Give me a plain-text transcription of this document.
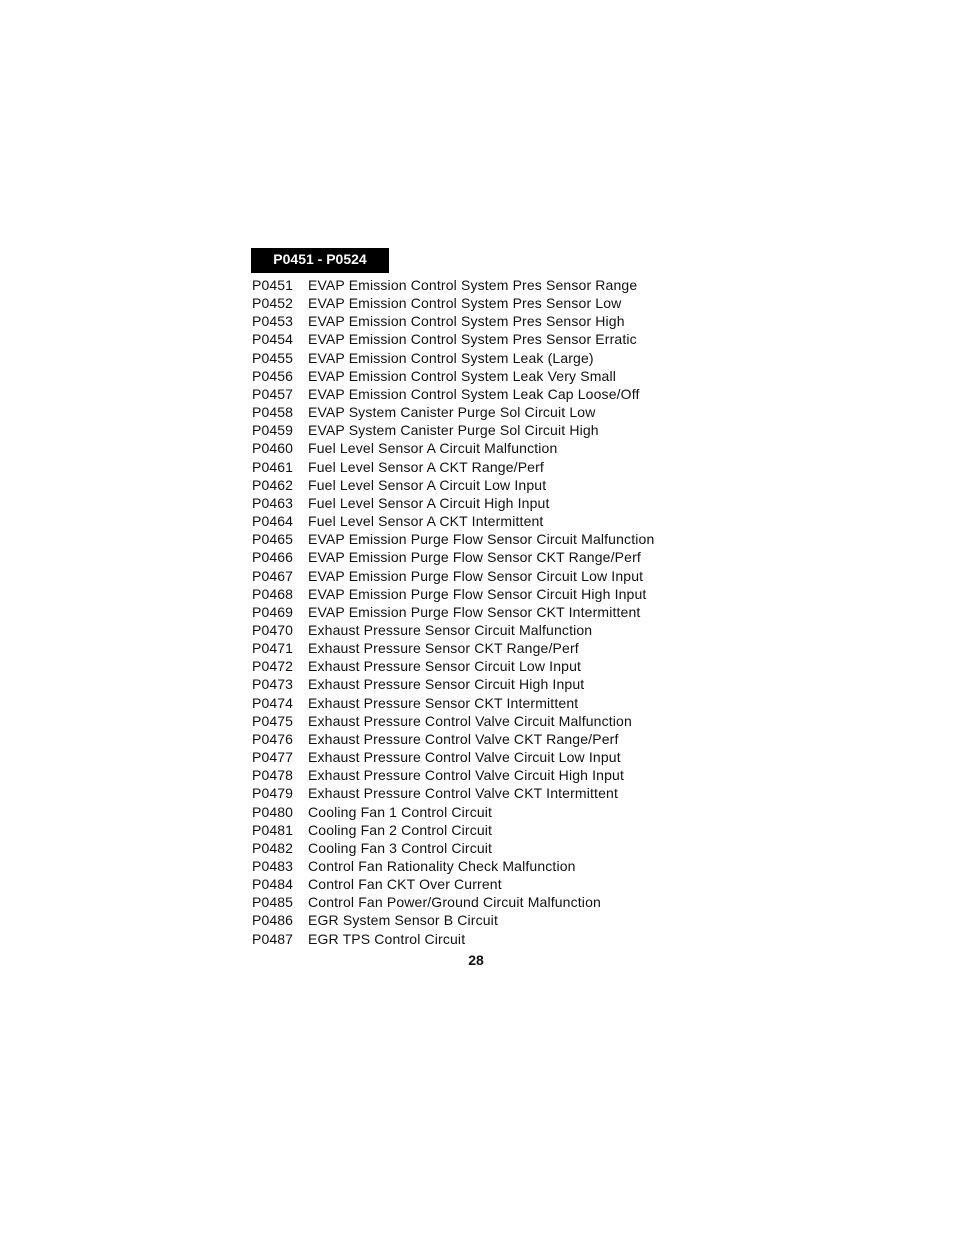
P0451 - P0524
P0451	EVAP Emission Control System Pres Sensor Range
P0452	EVAP Emission Control System Pres Sensor Low
P0453	EVAP Emission Control System Pres Sensor High
P0454	EVAP Emission Control System Pres Sensor Erratic
P0455	EVAP Emission Control System Leak (Large)
P0456	EVAP Emission Control System Leak Very Small
P0457	EVAP Emission Control System Leak Cap Loose/Off
P0458	EVAP System Canister Purge Sol Circuit Low
P0459	EVAP System Canister Purge Sol Circuit High
P0460	Fuel Level Sensor A Circuit Malfunction
P0461	Fuel Level Sensor A CKT Range/Perf
P0462	Fuel Level Sensor A Circuit Low Input
P0463	Fuel Level Sensor A Circuit High Input
P0464	Fuel Level Sensor A CKT Intermittent
P0465	EVAP Emission Purge Flow Sensor Circuit Malfunction
P0466	EVAP Emission Purge Flow Sensor CKT Range/Perf
P0467	EVAP Emission Purge Flow Sensor Circuit Low Input
P0468	EVAP Emission Purge Flow Sensor Circuit High Input
P0469	EVAP Emission Purge Flow Sensor CKT Intermittent
P0470	Exhaust Pressure Sensor Circuit Malfunction
P0471	Exhaust Pressure Sensor CKT Range/Perf
P0472	Exhaust Pressure Sensor Circuit Low Input
P0473	Exhaust Pressure Sensor Circuit High Input
P0474	Exhaust Pressure Sensor CKT Intermittent
P0475	Exhaust Pressure Control Valve Circuit Malfunction
P0476	Exhaust Pressure Control Valve CKT Range/Perf
P0477	Exhaust Pressure Control Valve Circuit Low Input
P0478	Exhaust Pressure Control Valve Circuit High Input
P0479	Exhaust Pressure Control Valve CKT Intermittent
P0480	Cooling Fan 1 Control Circuit
P0481	Cooling Fan 2 Control Circuit
P0482	Cooling Fan 3 Control Circuit
P0483	Control Fan Rationality Check Malfunction
P0484	Control Fan CKT Over Current
P0485	Control Fan Power/Ground Circuit Malfunction
P0486	EGR System Sensor B Circuit
P0487	EGR TPS Control Circuit
28
